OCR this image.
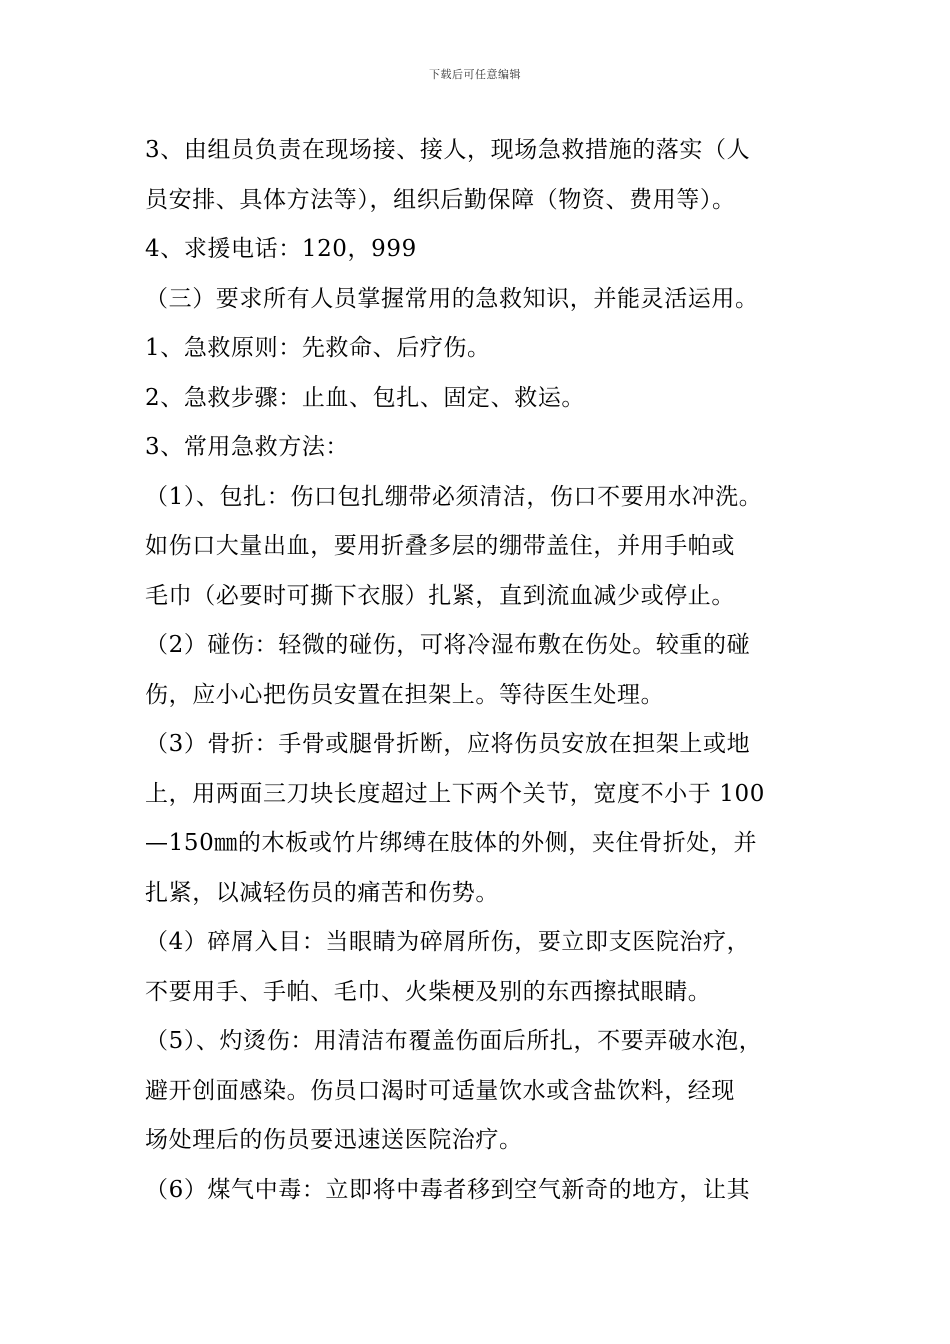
下载后可任意编辑
3、由组员负责在现场接、接人，现场急救措施的落实（人
员安排、具体方法等），组织后勤保障（物资、费用等）。
4、求援电话：120，999
（三）要求所有人员掌握常用的急救知识，并能灵活运用。
1、急救原则：先救命、后疗伤。
2、急救步骤：止血、包扎、固定、救运。
3、常用急救方法：
（1）、包扎：伤口包扎绷带必须清洁，伤口不要用水冲洗。
如伤口大量出血，要用折叠多层的绷带盖住，并用手帕或
毛巾（必要时可撕下衣服）扎紧，直到流血减少或停止。
（2）碰伤：轻微的碰伤，可将冷湿布敷在伤处。较重的碰
伤，应小心把伤员安置在担架上。等待医生处理。
（3）骨折：手骨或腿骨折断，应将伤员安放在担架上或地
上，用两面三刀块长度超过上下两个关节，宽度不小于 100
—150㎜的木板或竹片绑缚在肢体的外侧，夹住骨折处，并
扎紧，以减轻伤员的痛苦和伤势。
（4）碎屑入目：当眼睛为碎屑所伤，要立即支医院治疗，
不要用手、手帕、毛巾、火柴梗及别的东西擦拭眼睛。
（5）、灼烫伤：用清洁布覆盖伤面后所扎，不要弄破水泡，
避开创面感染。伤员口渴时可适量饮水或含盐饮料，经现
场处理后的伤员要迅速送医院治疗。
（6）煤气中毒：立即将中毒者移到空气新奇的地方，让其
